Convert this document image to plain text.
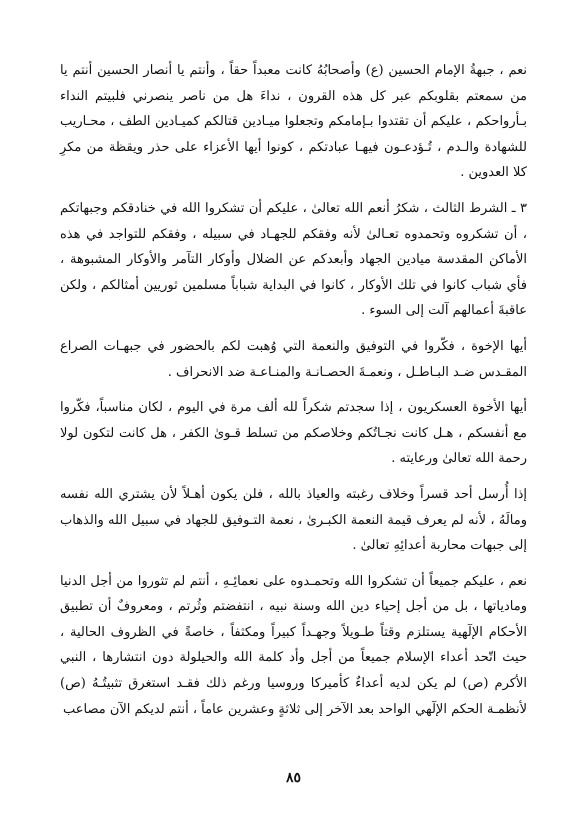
نعم ، جبهةُ الإمام الحسين (ع) وأصحابُهُ كانت معبداً حقاً ، وأنتم يا أنصار الحسين أنتم يا من سمعتم بقلوبكم عبر كل هذه القرون ، نداءَ هل من ناصر ينصرني فلبيتم النداء بـأرواحكم ، عليكم أن تقتدوا بـإمامكم وتجعلوا ميـادين قتالكم كميـادين الطف ، محـاريب للشهادة والـدم ، تُـؤدعـون فيهـا عبادتكم ، كونوا أيها الأعزاء على حذر ويقظة من مكرِ كلا العدوين .

٣ ـ الشرط الثالث ، شكرُ أنعم الله تعالىٰ ، عليكم أن تشكروا الله في خنادقكم وجبهاتكم ، أن تشكروه وتحمدوه تعـالىٰ لأنه وفقكم للجهـاد في سبيله ، وفقكم للتواجد في هذه الأماكن المقدسة ميادين الجهاد وأبعدكم عن الضلال وأوكار التآمر والأوكار المشبوهة ، فأي شباب كانوا في تلك الأوكار ، كانوا في البداية شباباً مسلمين ثوريين أمثالكم ، ولكن عاقبةَ أعمالهم آلت إلى السوء .

أيها الإخوة ، فكّروا في التوفيق والنعمة التي وُهبت لكم بالحضور في جبهـات الصراع المقـدس ضـد البـاطـل ، ونعمـةَ الحصـانـة والمنـاعـة ضد الانحراف .

أيها الأخوة العسكريون ، إذا سجدتم شكراً لله ألف مرة في اليوم ، لكان مناسباً، فكّروا مع أنفسكم ، هـل كانت نجـاتُكم وخلاصكم من تسلط قـوىٰ الكفر ، هل كانت لتكون لولا رحمة الله تعالىٰ ورعايته .

إذا أُرسل أحد قسراً وخلاف رغبته والعياذ بالله ، فلن يكون أهـلاً لأن يشتري الله نفسه ومالَهُ ، لأنه لم يعرف قيمة النعمة الكبـرىٰ ، نعمة التـوفيق للجهاد في سبيل الله والذهاب إلى جبهات محاربة أعدائِهِ تعالىٰ .

نعم ، عليكم جميعاً أن تشكروا الله وتحمـدوه على نعمائِـهِ ، أنتم لم تثوروا من أجل الدنيا ومادياتها ، بل من أجل إحياء دين الله وسنة نبيه ، انتفضتم وثُرتم ، ومعروفٌ أن تطبيق الأحكام الإلٓهية يستلزم وقتاً طـويلاً وجهـداً كبيراً ومكثفاً ، خاصةً في الظروف الحالية ، حيث اتّحد أعداء الإسلام جميعاً من أجل وأد كلمة الله والحيلولة دون انتشارها ، النبي الأكرم (ص) لم يكن لديه أعداءٌ كأميركا وروسيا ورغم ذلك فقـد استغرق تثبيتُـهُ (ص) لأنظمـة الحكم الإلٓهي الواحد بعد الآخر إلى ثلاثةٍ وعشرين عاماً ، أنتم لديكم الآن مصاعب

٨٥
